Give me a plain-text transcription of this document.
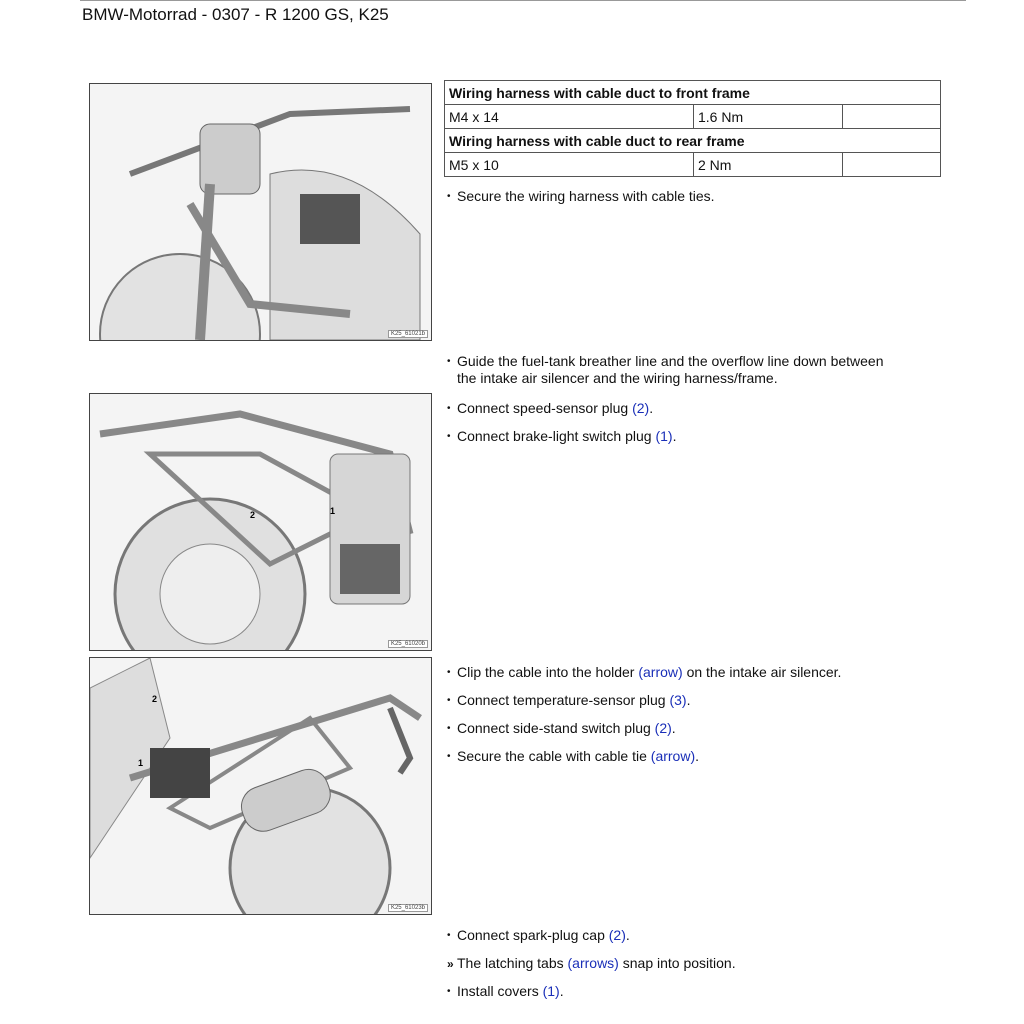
BMW-Motorrad - 0307 - R 1200 GS, K25
K25_61021b
2	1
K25_61020b
2
1
K25_61023b
Wiring harness with cable duct to front frame		
M4 x 14	1.6 Nm	
Wiring harness with cable duct to rear frame		
M5 x 10	2 Nm	
• Secure the wiring harness with cable ties.
• Guide the fuel-tank breather line and the overflow line down between
the intake air silencer and the wiring harness/frame.
• Connect speed-sensor plug (2).
• Connect brake-light switch plug (1).
• Clip the cable into the holder (arrow) on the intake air silencer.
• Connect temperature-sensor plug (3).
• Connect side-stand switch plug (2).
• Secure the cable with cable tie (arrow).
• Connect spark-plug cap (2).
» The latching tabs (arrows) snap into position.
• Install covers (1).
